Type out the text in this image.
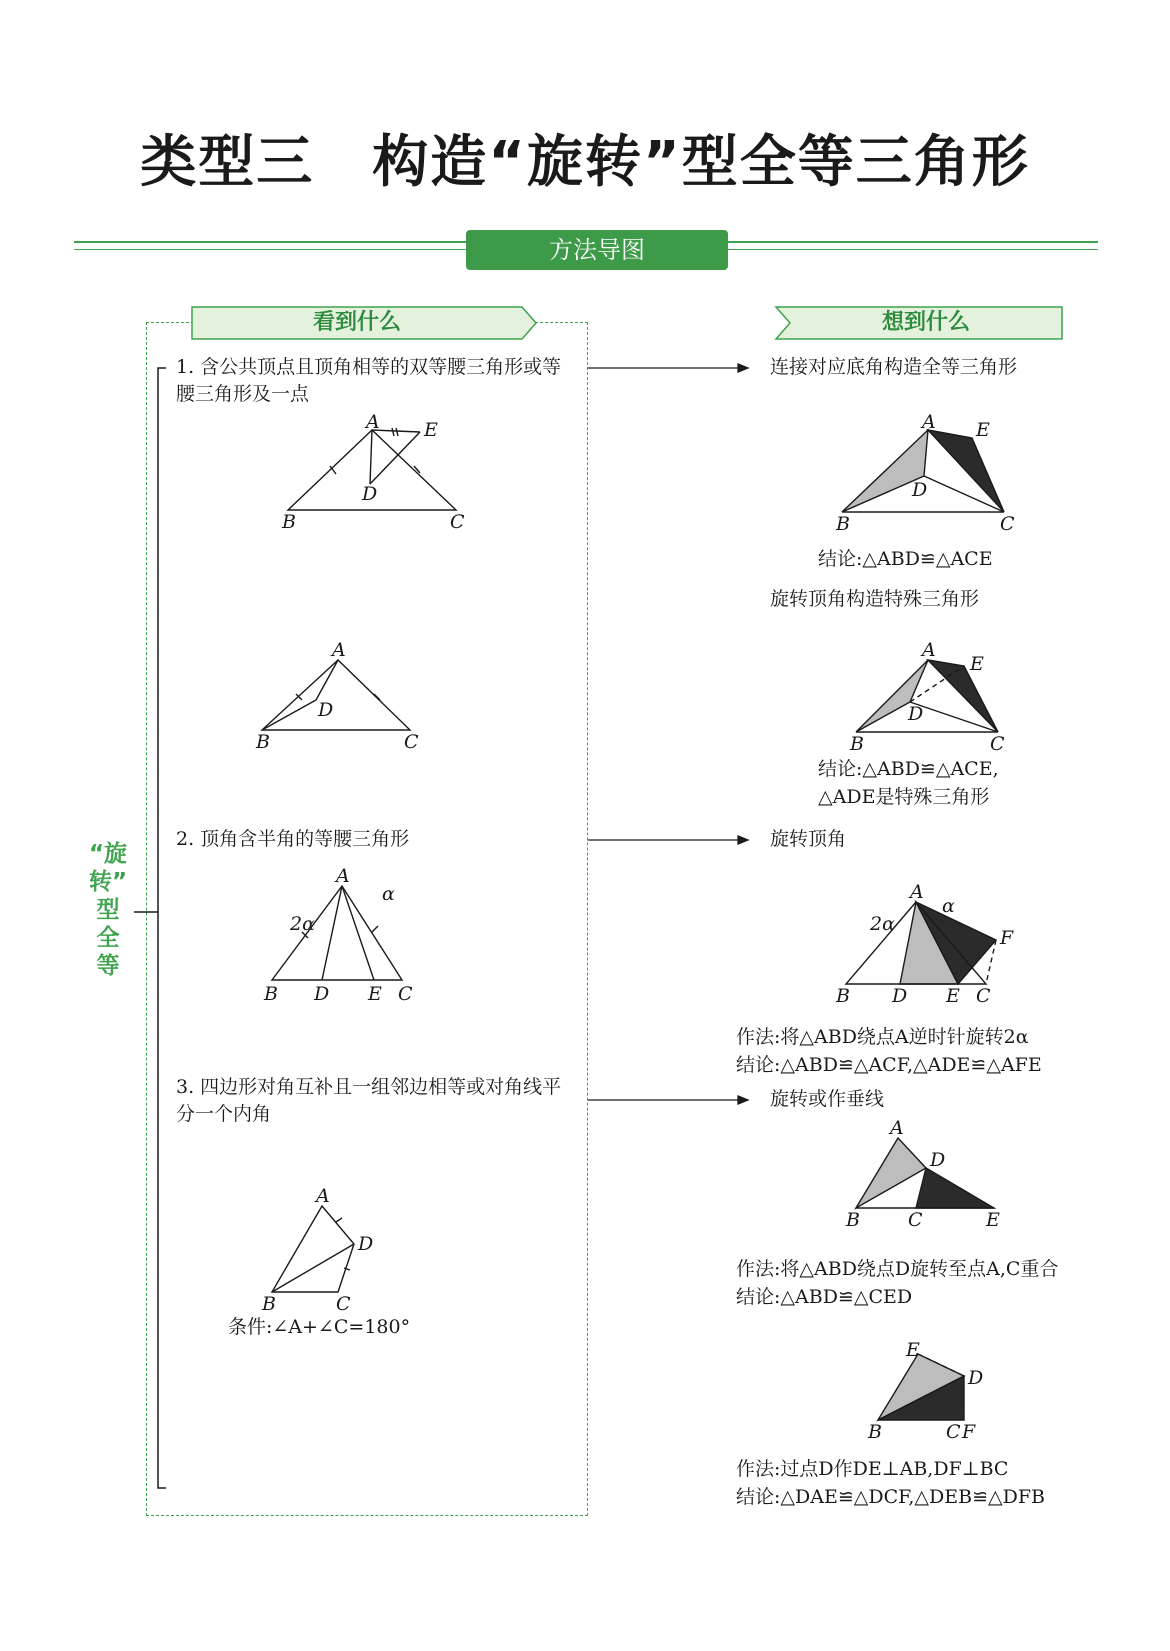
类型三　构造“旋转”型全等三角形
方法导图
看到什么	想到什么
“旋
转”
型
全
等
1. 含公共顶点且顶角相等的双等腰三角形或等腰三角形及一点
2. 顶角含半角的等腰三角形
3. 四边形对角互补且一组邻边相等或对角线平分一个内角
条件:∠A+∠C=180°
连接对应底角构造全等三角形
结论:△ABD≌△ACE
旋转顶角构造特殊三角形
结论:△ABD≌△ACE,
△ADE是特殊三角形
旋转顶角
作法:将△ABD绕点A逆时针旋转2α
结论:△ABD≌△ACF,△ADE≌△AFE
旋转或作垂线
作法:将△ABD绕点D旋转至点A,C重合
结论:△ABD≌△CED
作法:过点D作DE⊥AB,DF⊥BC
结论:△DAE≌△DCF,△DEB≌△DFB
A E
D
B	C
A
D
B	C
A
2α
α
B D E C
A
D
B	C
A E
D
B	C
A
E
D
B	C
A
2α
α
F
B D E C
A
D
B	C	E
E
D
B	C F
